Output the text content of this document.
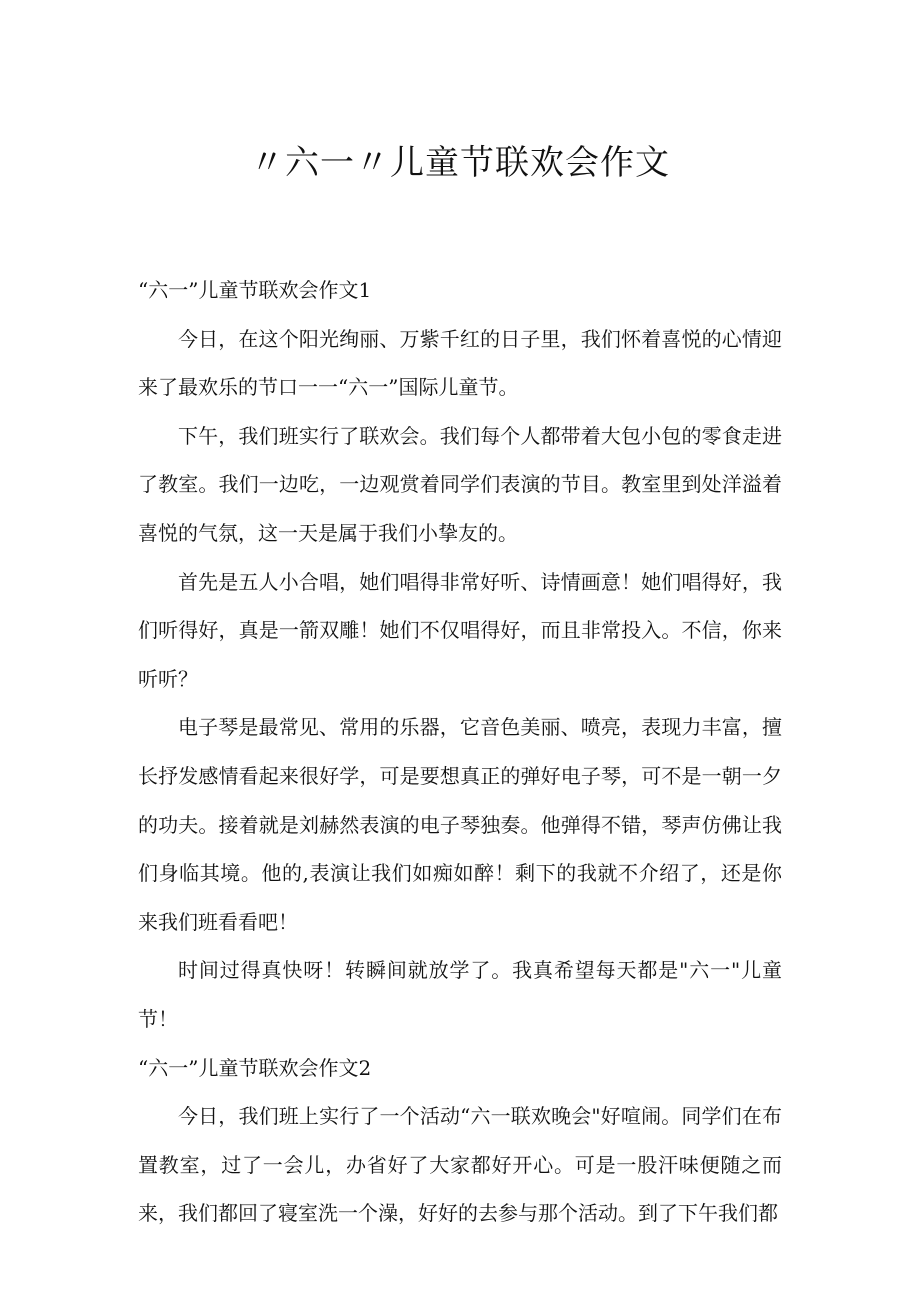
〃六一〃儿童节联欢会作文

“六一”儿童节联欢会作文1

今日，在这个阳光绚丽、万紫千红的日子里，我们怀着喜悦的心情迎来了最欢乐的节口一一“六一”国际儿童节。

下午，我们班实行了联欢会。我们每个人都带着大包小包的零食走进了教室。我们一边吃，一边观赏着同学们表演的节目。教室里到处洋溢着喜悦的气氛，这一天是属于我们小挚友的。

首先是五人小合唱，她们唱得非常好听、诗情画意！她们唱得好，我们听得好，真是一箭双雕！她们不仅唱得好，而且非常投入。不信，你来听听？

电子琴是最常见、常用的乐器，它音色美丽、喷亮，表现力丰富，擅长抒发感情看起来很好学，可是要想真正的弹好电子琴，可不是一朝一夕的功夫。接着就是刘赫然表演的电子琴独奏。他弹得不错，琴声仿佛让我们身临其境。他的,表演让我们如痴如醉！剩下的我就不介绍了，还是你来我们班看看吧！

时间过得真快呀！转瞬间就放学了。我真希望每天都是"六一"儿童节！

“六一”儿童节联欢会作文2

今日，我们班上实行了一个活动“六一联欢晚会"好喧闹。同学们在布置教室，过了一会儿，办省好了大家都好开心。可是一股汗味便随之而来，我们都回了寝室洗一个澡，好好的去参与那个活动。到了下午我们都
